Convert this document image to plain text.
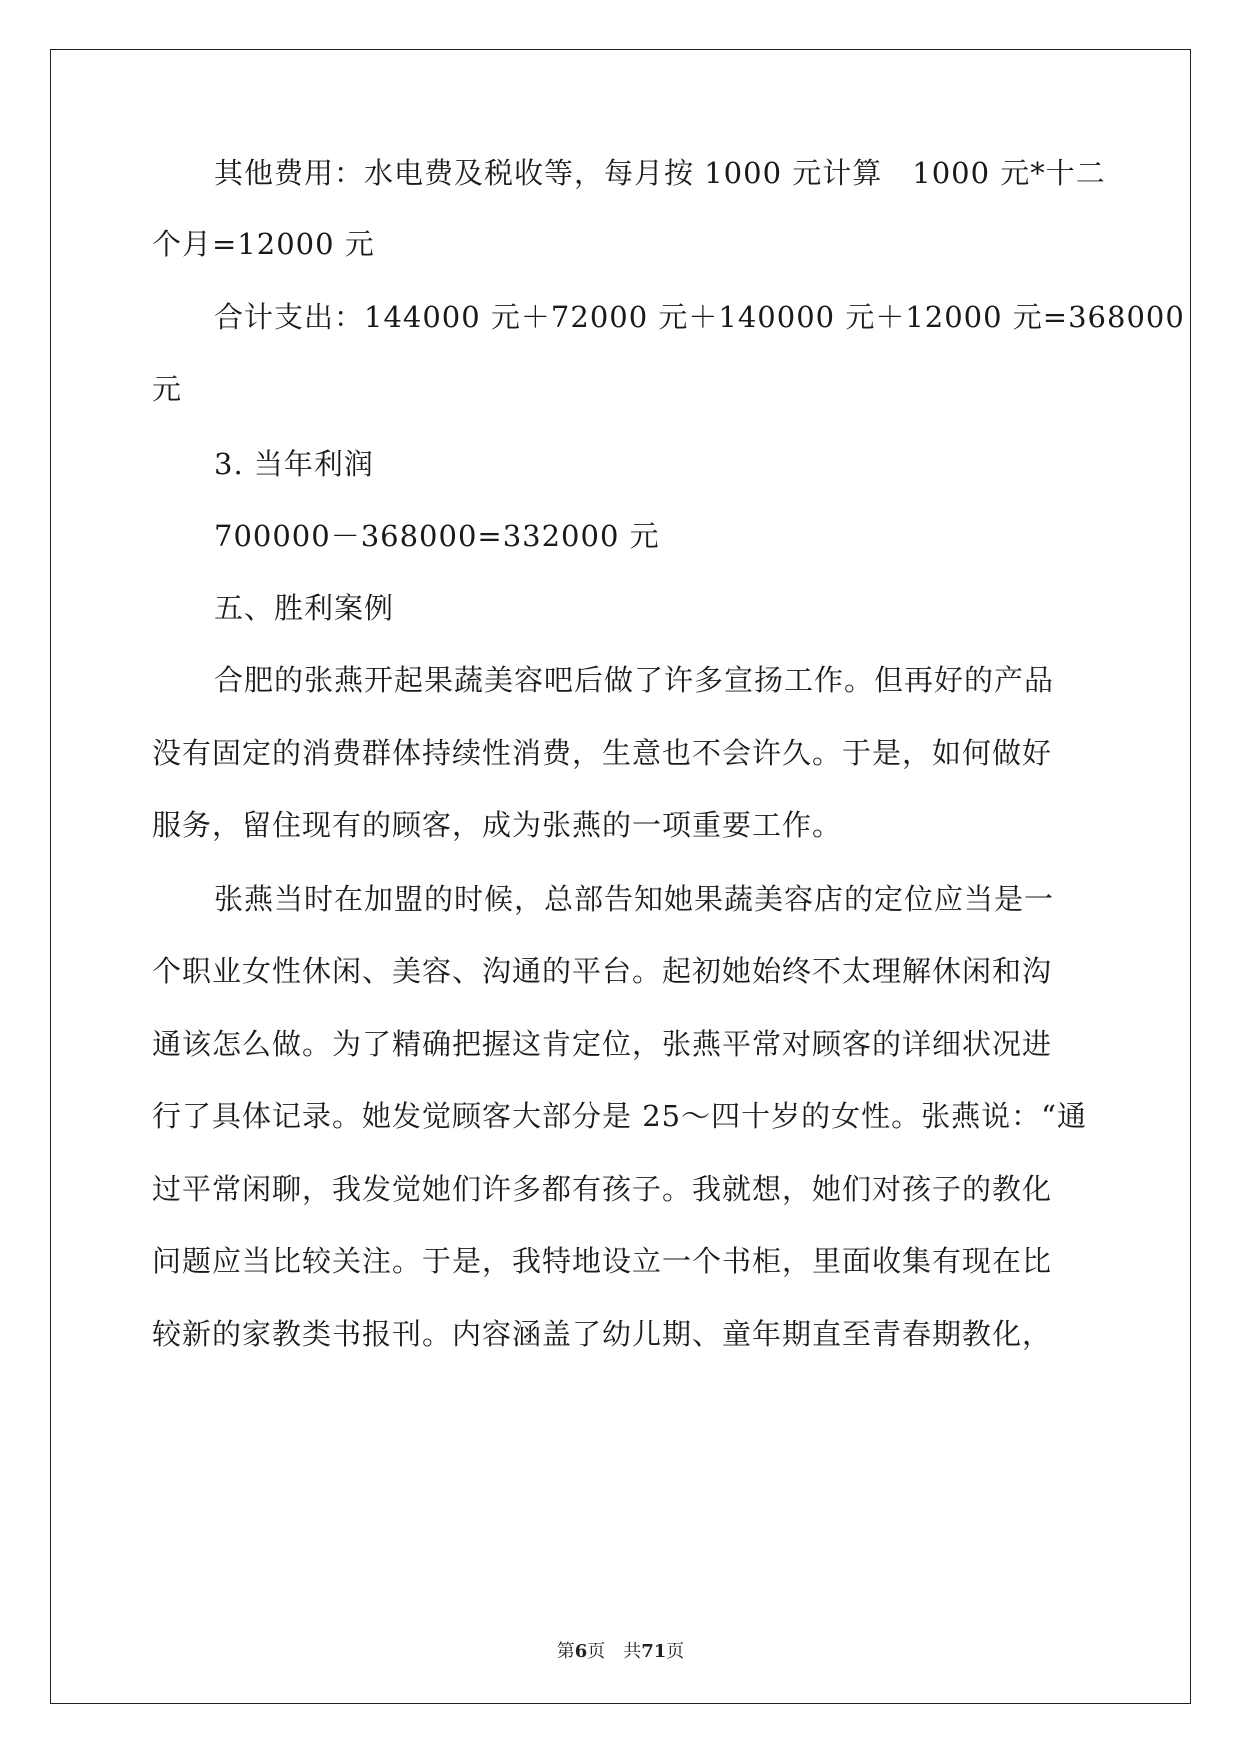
其他费用：水电费及税收等，每月按 1000 元计算　1000 元*十二
个月=12000 元
合计支出：144000 元＋72000 元＋140000 元＋12000 元=368000
元
3. 当年利润
700000－368000=332000 元
五、胜利案例
合肥的张燕开起果蔬美容吧后做了许多宣扬工作。但再好的产品
没有固定的消费群体持续性消费，生意也不会许久。于是，如何做好
服务，留住现有的顾客，成为张燕的一项重要工作。
张燕当时在加盟的时候，总部告知她果蔬美容店的定位应当是一
个职业女性休闲、美容、沟通的平台。起初她始终不太理解休闲和沟
通该怎么做。为了精确把握这肯定位，张燕平常对顾客的详细状况进
行了具体记录。她发觉顾客大部分是 25～四十岁的女性。张燕说：“通
过平常闲聊，我发觉她们许多都有孩子。我就想，她们对孩子的教化
问题应当比较关注。于是，我特地设立一个书柜，里面收集有现在比
较新的家教类书报刊。内容涵盖了幼儿期、童年期直至青春期教化，
第6页　共71页
